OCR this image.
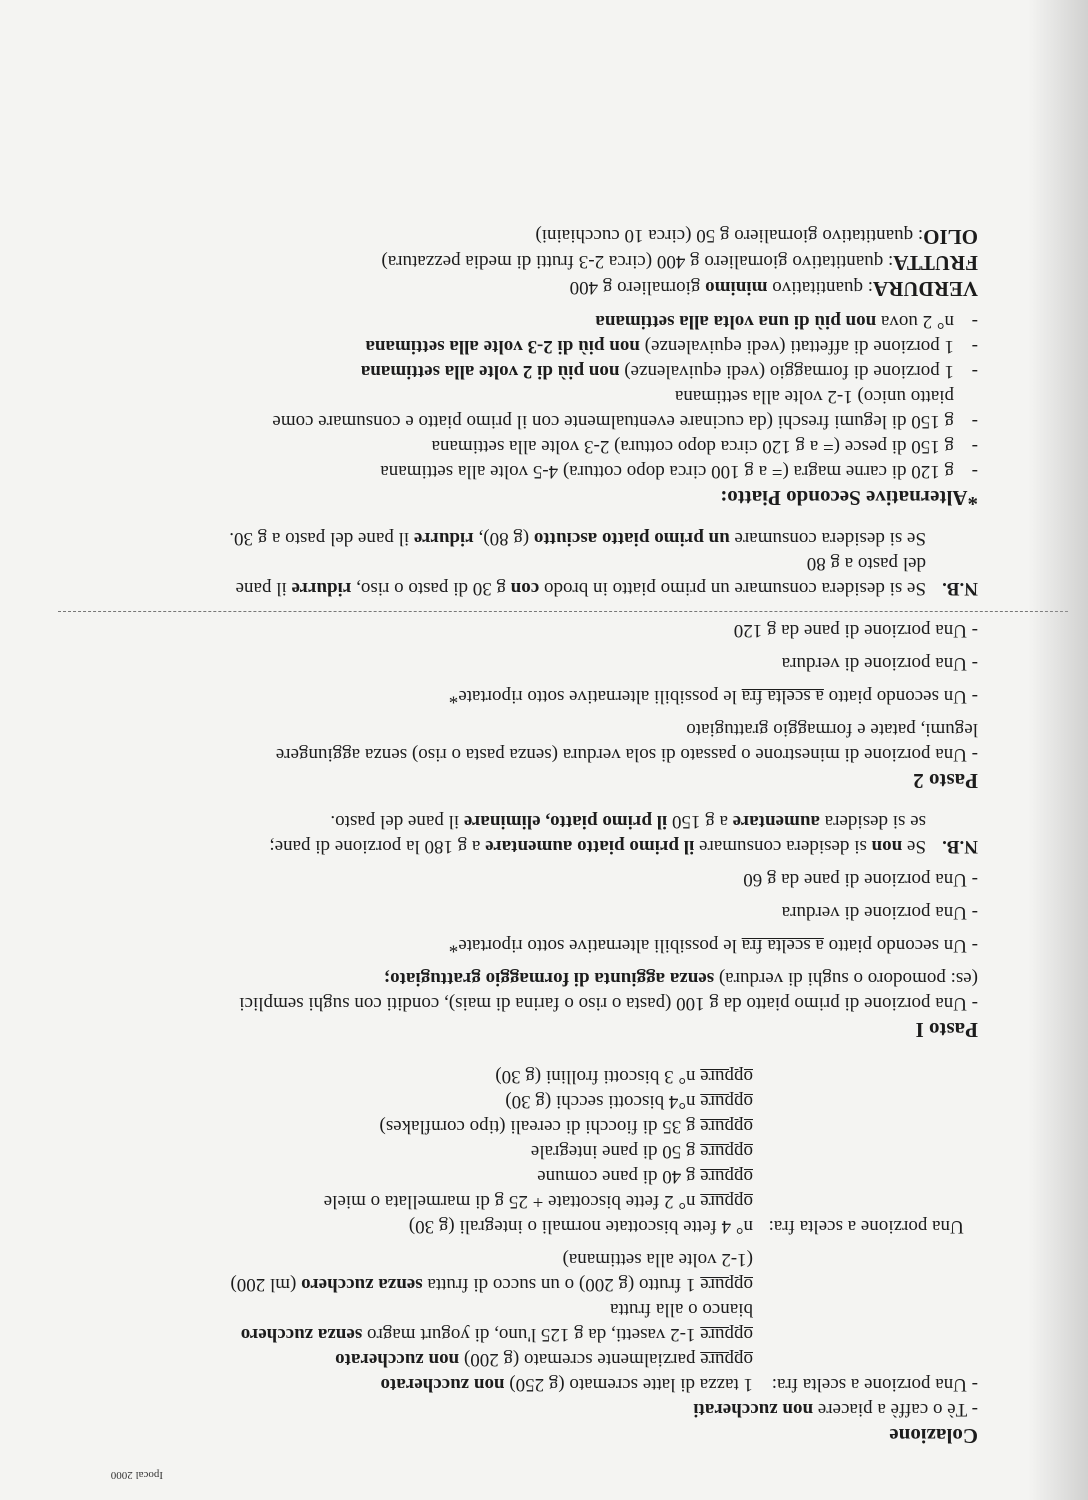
Ipocal 2000

Colazione

- Tè o caffè a piacere non zuccherati

- Una porzione a scelta fra:

1 tazza di latte scremato (g 250) non zuccherato

oppure parzialmente scremato (g 200) non zuccherato

oppure 1-2 vasetti, da g 125 l'uno, di yogurt magro senza zucchero

bianco o alla frutta

oppure 1 frutto (g 200) o un succo di frutta senza zucchero (ml 200)

(1-2 volte alla settimana)

Una porzione a scelta fra:

n° 4 fette biscottate normali o integrali (g 30)

oppure n° 2 fette biscottate + 25 g di marmellata o miele

oppure g 40 di pane comune

oppure g 50 di pane integrale

oppure g 35 di fiocchi di cereali (tipo cornflakes)

oppure n°4 biscotti secchi (g 30)

oppure n° 3 biscotti frollini (g 30)

Pasto I

- Una porzione di primo piatto da g 100 (pasta o riso o farina di mais), conditi con sughi semplici

(es: pomodoro o sughi di verdura) senza aggiunta di formaggio grattugiato;

- Un secondo piatto a scelta fra le possibili alternative sotto riportate*

- Una porzione di verdura

- Una porzione di pane da g 60

N.B.

Se non si desidera consumare il primo piatto aumentare a g 180 la porzione di pane;

se si desidera aumentare a g 150 il primo piatto, eliminare il pane del pasto.

Pasto 2

- Una porzione di minestrone o passato di sola verdura (senza pasta o riso) senza aggiungere

legumi, patate e formaggio grattugiato

- Un secondo piatto a scelta fra le possibili alternative sotto riportate*

- Una porzione di verdura

- Una porzione di pane da g 120

N.B.

Se si desidera consumare un primo piatto in brodo con g 30 di pasto o riso, ridurre il pane

del pasto a g 80

Se si desidera consumare un primo piatto asciutto (g 80), ridurre il pane del pasto a g 30.

*Alternative Secondo Piatto:

-
g 120 di carne magra (= a g 100 circa dopo cottura) 4-5 volte alla settimana
-
g 150 di pesce (= a g 120 circa dopo cottura) 2-3 volte alla settimana
-
g 150 di legumi freschi (da cucinare eventualmente con il primo piatto e consumare come
piatto unico) 1-2 volte alla settimana
-
1 porzione di formaggio (vedi equivalenze) non più di 2 volte alla settimana
-
1 porzione di affettati (vedi equivalenze) non più di 2-3 volte alla settimana
-
n° 2 uova non più di una volta alla settimana

VERDURA: quantitativo minimo giornaliero g 400

FRUTTA: quantitativo giornaliero g 400 (circa 2-3 frutti di media pezzatura)

OLIO: quantitativo giornaliero g 50 (circa 10 cucchiaini)
